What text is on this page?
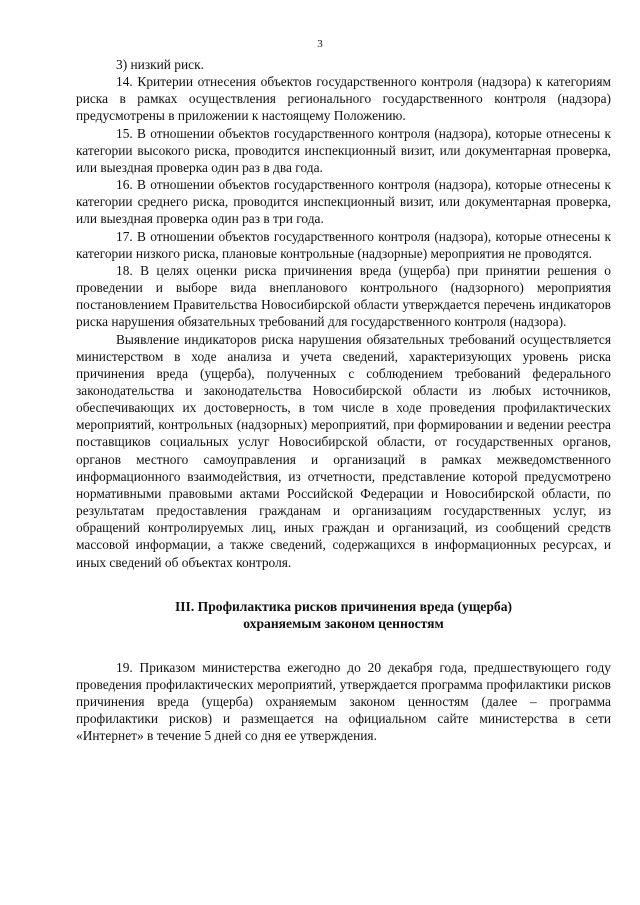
3

3) низкий риск.

14. Критерии отнесения объектов государственного контроля (надзора) к категориям риска в рамках осуществления регионального государственного контроля (надзора) предусмотрены в приложении к настоящему Положению.

15. В отношении объектов государственного контроля (надзора), которые отнесены к категории высокого риска, проводится инспекционный визит, или документарная проверка, или выездная проверка один раз в два года.

16. В отношении объектов государственного контроля (надзора), которые отнесены к категории среднего риска, проводится инспекционный визит, или документарная проверка, или выездная проверка один раз в три года.

17. В отношении объектов государственного контроля (надзора), которые отнесены к категории низкого риска, плановые контрольные (надзорные) мероприятия не проводятся.

18. В целях оценки риска причинения вреда (ущерба) при принятии решения о проведении и выборе вида внепланового контрольного (надзорного) мероприятия постановлением Правительства Новосибирской области утверждается перечень индикаторов риска нарушения обязательных требований для государственного контроля (надзора).

Выявление индикаторов риска нарушения обязательных требований осуществляется министерством в ходе анализа и учета сведений, характеризующих уровень риска причинения вреда (ущерба), полученных с соблюдением требований федерального законодательства и законодательства Новосибирской области из любых источников, обеспечивающих их достоверность, в том числе в ходе проведения профилактических мероприятий, контрольных (надзорных) мероприятий, при формировании и ведении реестра поставщиков социальных услуг Новосибирской области, от государственных органов, органов местного самоуправления и организаций в рамках межведомственного информационного взаимодействия, из отчетности, представление которой предусмотрено нормативными правовыми актами Российской Федерации и Новосибирской области, по результатам предоставления гражданам и организациям государственных услуг, из обращений контролируемых лиц, иных граждан и организаций, из сообщений средств массовой информации, а также сведений, содержащихся в информационных ресурсах, и иных сведений об объектах контроля.

III. Профилактика рисков причинения вреда (ущерба)
охраняемым законом ценностям

19. Приказом министерства ежегодно до 20 декабря года, предшествующего году проведения профилактических мероприятий, утверждается программа профилактики рисков причинения вреда (ущерба) охраняемым законом ценностям (далее – программа профилактики рисков) и размещается на официальном сайте министерства в сети «Интернет» в течение 5 дней со дня ее утверждения.
